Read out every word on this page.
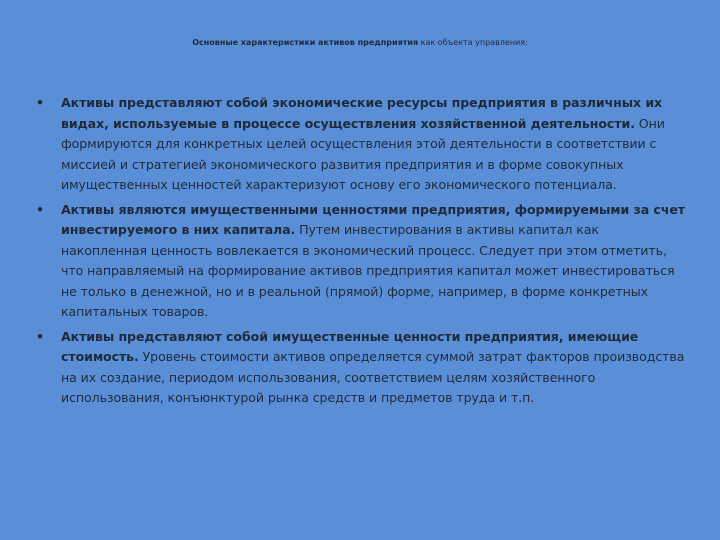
Основные характеристики активов предприятия как объекта управления:
•	Активы представляют собой экономические ресурсы предприятия в различных их видах, используемые в процессе осуществления хозяйственной деятельности. Они формируются для конкретных целей осуществления этой деятельности в соответствии с миссией и стратегией экономического развития предприятия и в форме совокупных имущественных ценностей характеризуют основу его экономического потенциала.
•	Активы являются имущественными ценностями предприятия, формируемыми за счет инвестируемого в них капитала. Путем инвестирования в активы капитал как накопленная ценность вовлекается в экономический процесс. Следует при этом отметить, что направляемый на формирование активов предприятия капитал может инвестироваться не только в денежной, но и в реальной (прямой) форме, например, в форме конкретных капитальных товаров.
•	Активы представляют собой имущественные ценности предприятия, имеющие стоимость. Уровень стоимости активов определяется суммой затрат факторов производства на их создание, периодом использования, соответствием целям хозяйственного использования, конъюнктурой рынка средств и предметов труда и т.п.
